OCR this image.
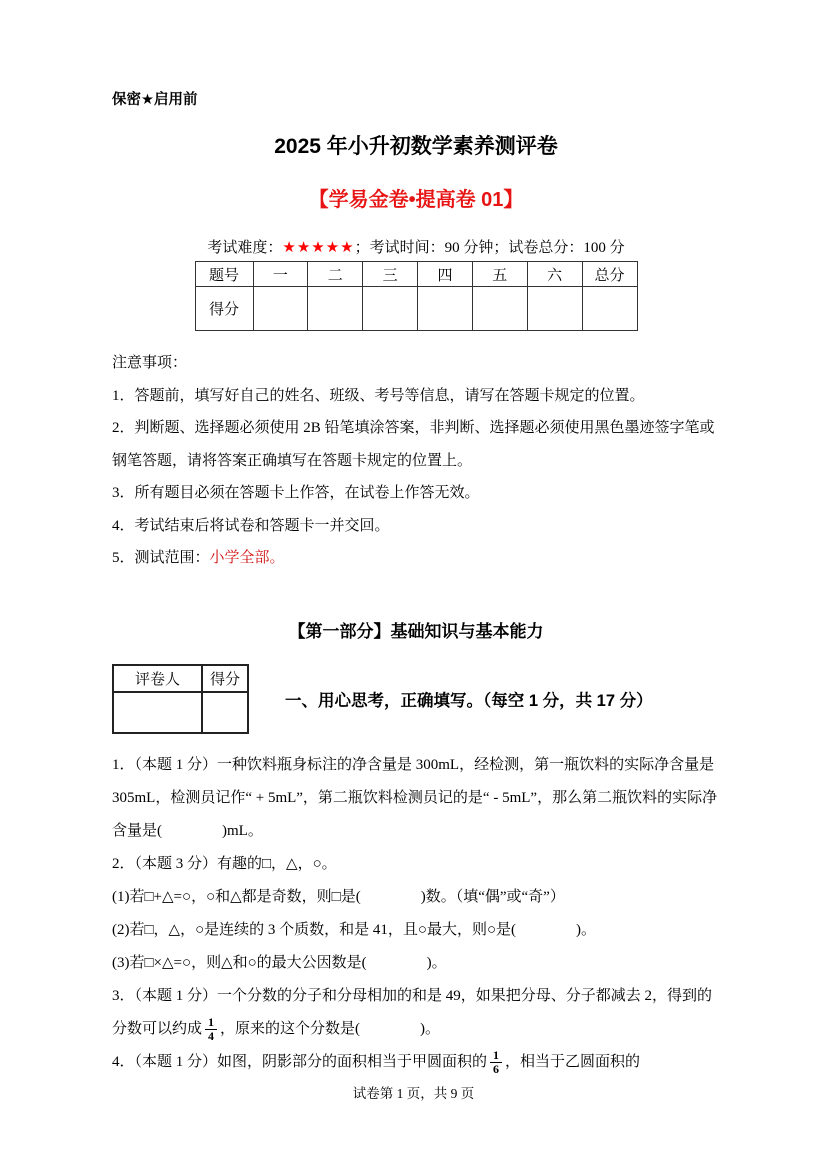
保密★启用前
2025 年小升初数学素养测评卷
【学易金卷•提高卷 01】
考试难度：★★★★★；考试时间：90 分钟；试卷总分：100 分
题号	一	二	三	四	五	六	总分
得分							

注意事项：

1．答题前，填写好自己的姓名、班级、考号等信息，请写在答题卡规定的位置。

2．判断题、选择题必须使用 2B 铅笔填涂答案，非判断、选择题必须使用黑色墨迹签字笔或钢笔答题，请将答案正确填写在答题卡规定的位置上。

3．所有题目必须在答题卡上作答，在试卷上作答无效。

4．考试结束后将试卷和答题卡一并交回。

5．测试范围：小学全部。

【第一部分】基础知识与基本能力
评卷人	得分

一、用心思考，正确填写。（每空 1 分，共 17 分）

1．（本题 1 分）一种饮料瓶身标注的净含量是 300mL，经检测，第一瓶饮料的实际净含量是 305mL，检测员记作“ + 5mL”，第二瓶饮料检测员记的是“ - 5mL”，那么第二瓶饮料的实际净含量是(　　　　)mL。

2．（本题 3 分）有趣的□，△，○。

(1)若□+△=○，○和△都是奇数，则□是(　　　　)数。（填“偶”或“奇”）

(2)若□，△，○是连续的 3 个质数，和是 41，且○最大，则○是(　　　　)。

(3)若□×△=○，则△和○的最大公因数是(　　　　)。

3．（本题 1 分）一个分数的分子和分母相加的和是 49，如果把分母、分子都减去 2，得到的分数可以约成 $\frac{1}{4}$ ，原来的这个分数是(　　　　)。

4．（本题 1 分）如图，阴影部分的面积相当于甲圆面积的 $\frac{1}{6}$ ，相当于乙圆面积的

试卷第 1 页，共 9 页
